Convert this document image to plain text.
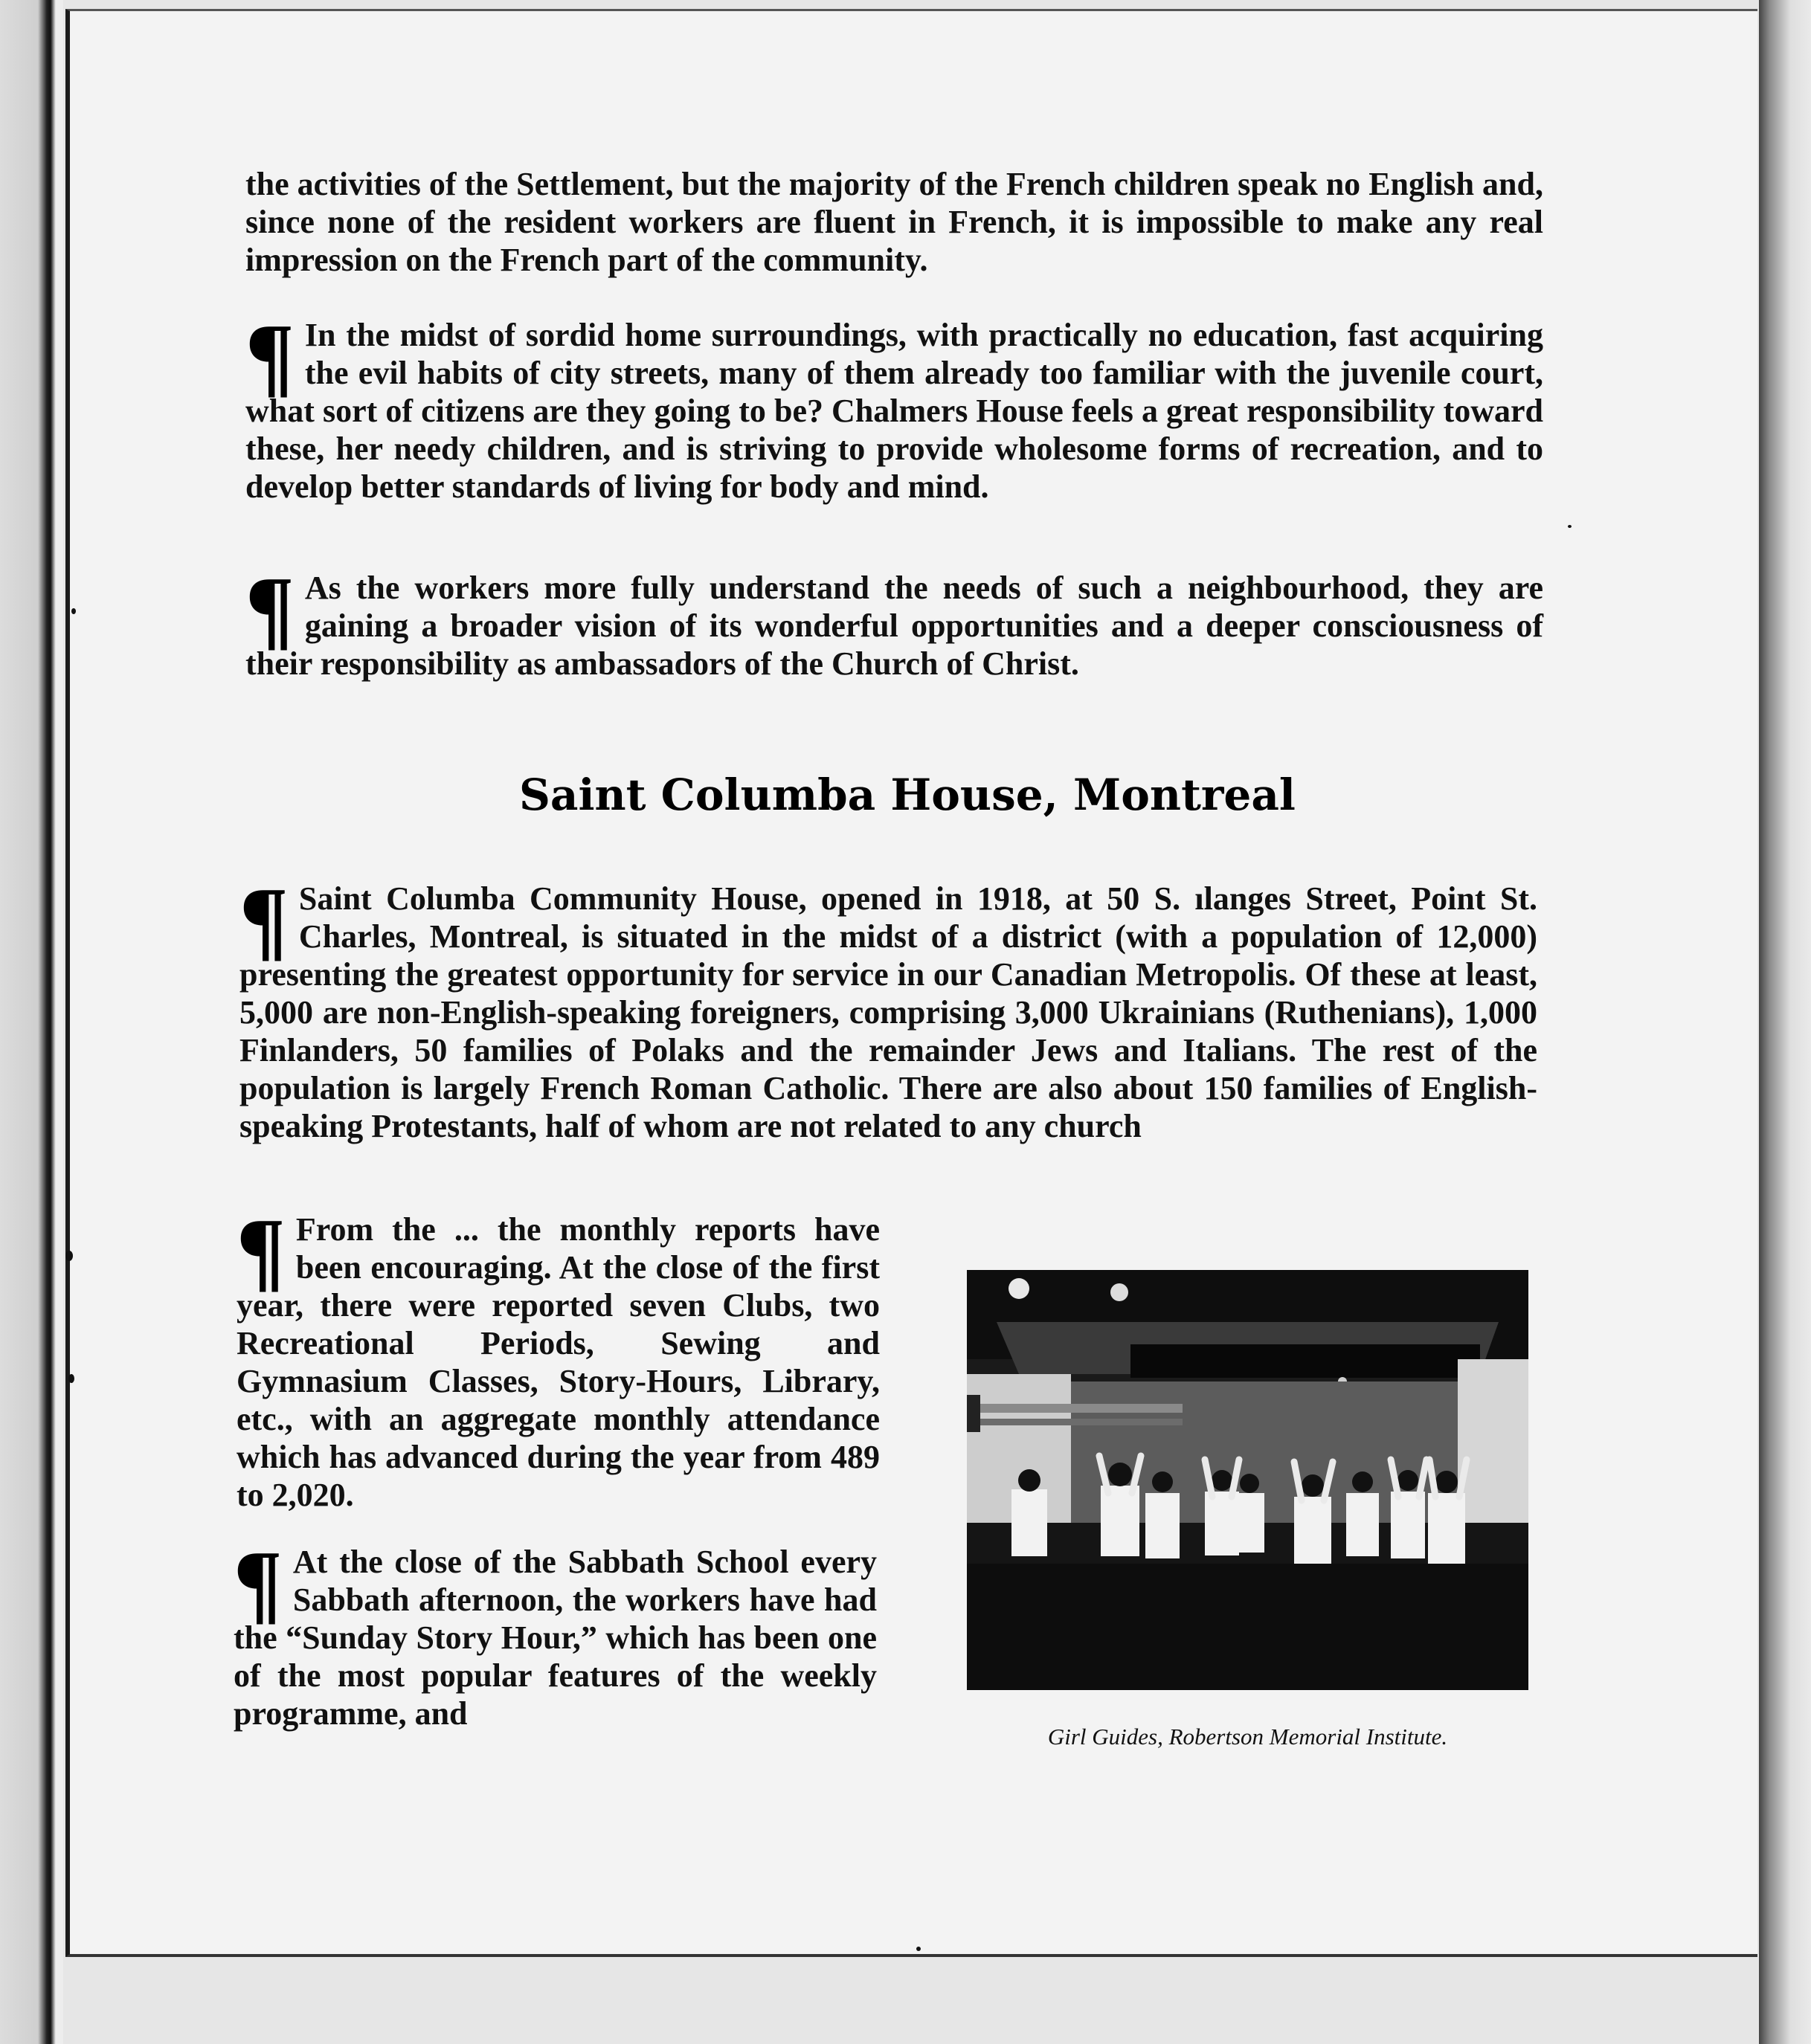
the activities of the Settlement, but the majority of the French children speak no English and, since none of the resident workers are fluent in French, it is impossible to make any real impression on the French part of the community.

¶ In the midst of sordid home surroundings, with practically no education, fast acquiring the evil habits of city streets, many of them already too familiar with the juvenile court, what sort of citizens are they going to be? Chalmers House feels a great responsibility toward these, her needy children, and is striving to provide wholesome forms of recreation, and to develop better standards of living for body and mind.

¶ As the workers more fully understand the needs of such a neighbourhood, they are gaining a broader vision of its wonderful opportunities and a deeper consciousness of their responsibility as ambassadors of the Church of Christ.

Saint Columba House, Montreal
¶ Saint Columba Community House, opened in 1918, at 50 S. ılanges Street, Point St. Charles, Montreal, is situated in the midst of a district (with a population of 12,000) presenting the greatest opportunity for service in our Canadian Metropolis. Of these at least, 5,000 are non-English-speaking foreigners, comprising 3,000 Ukrainians (Ruthenians), 1,000 Finlanders, 50 families of Polaks and the remainder Jews and Italians. The rest of the population is largely French Roman Catholic. There are also about 150 families of English-speaking Protestants, half of whom are not related to any church

¶ From the ... the monthly reports have been encouraging. At the close of the first year, there were reported seven Clubs, two Recreational Periods, Sewing and Gymnasium Classes, Story-Hours, Library, etc., with an aggregate monthly attendance which has advanced during the year from 489 to 2,020.

¶ At the close of the Sabbath School every Sabbath afternoon, the workers have had the “Sunday Story Hour,” which has been one of the most popular features of the weekly programme, and

Girl Guides, Robertson Memorial Institute.
